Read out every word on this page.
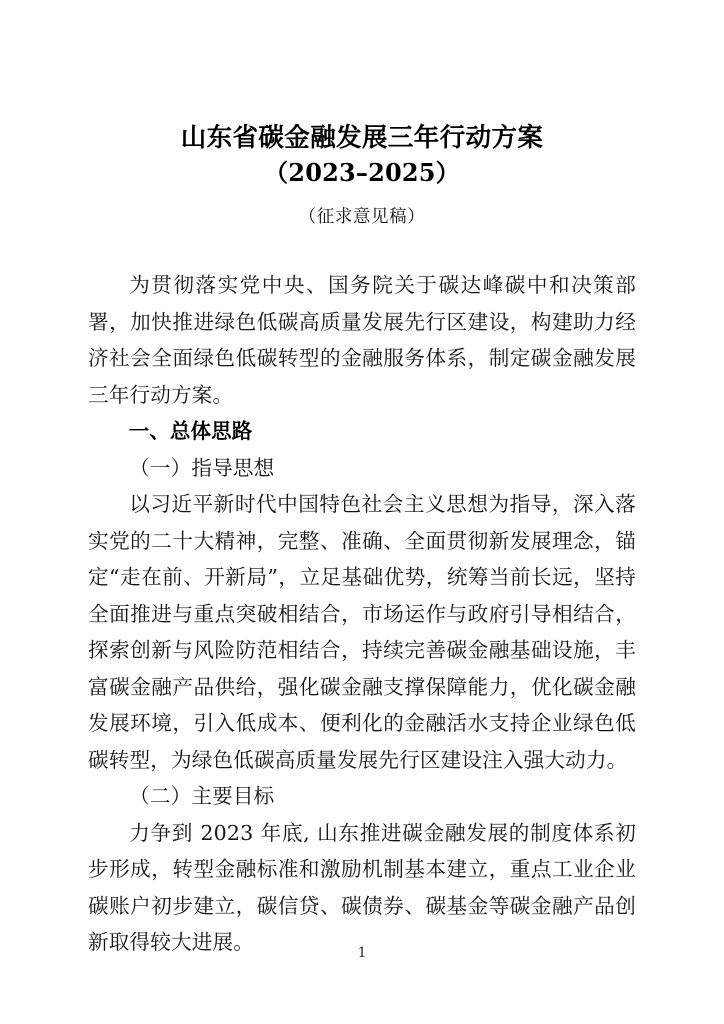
山东省碳金融发展三年行动方案
（2023–2025）
（征求意见稿）

为贯彻落实党中央、国务院关于碳达峰碳中和决策部署，加快推进绿色低碳高质量发展先行区建设，构建助力经济社会全面绿色低碳转型的金融服务体系，制定碳金融发展三年行动方案。

一、总体思路

（一）指导思想

以习近平新时代中国特色社会主义思想为指导，深入落实党的二十大精神，完整、准确、全面贯彻新发展理念，锚定“走在前、开新局”，立足基础优势，统筹当前长远，坚持全面推进与重点突破相结合，市场运作与政府引导相结合，探索创新与风险防范相结合，持续完善碳金融基础设施，丰富碳金融产品供给，强化碳金融支撑保障能力，优化碳金融发展环境，引入低成本、便利化的金融活水支持企业绿色低碳转型，为绿色低碳高质量发展先行区建设注入强大动力。

（二）主要目标

力争到 2023 年底, 山东推进碳金融发展的制度体系初步形成，转型金融标准和激励机制基本建立，重点工业企业碳账户初步建立，碳信贷、碳债券、碳基金等碳金融产品创新取得较大进展。	1
